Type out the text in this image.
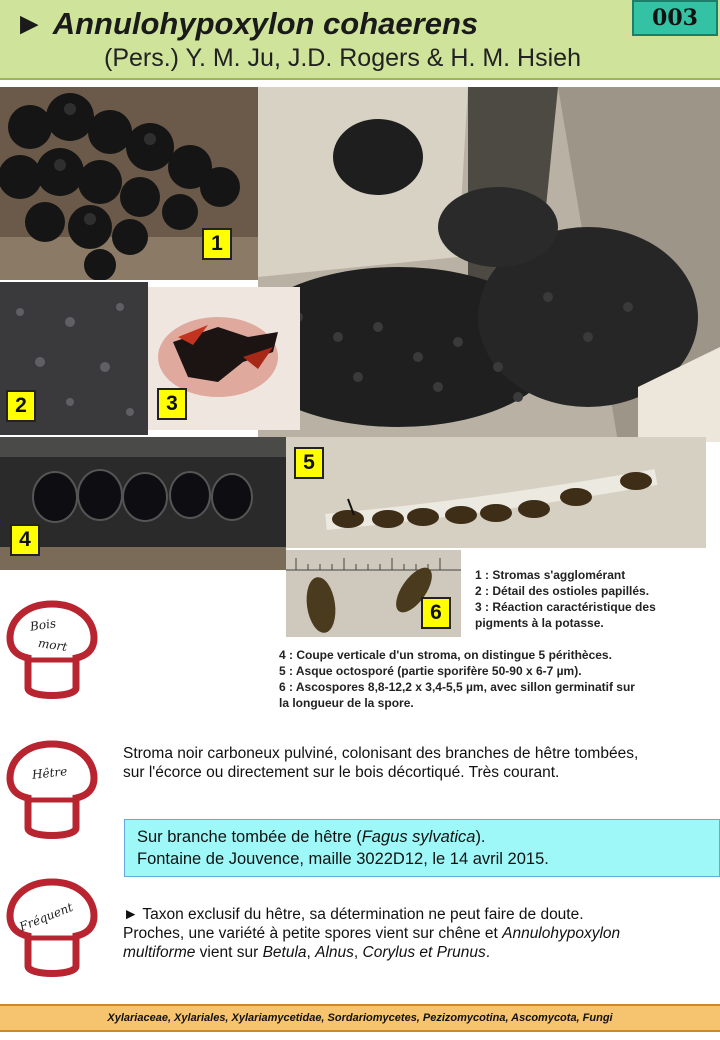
► Annulohypoxylon cohaerens
(Pers.) Y. M. Ju, J.D. Rogers & H. M. Hsieh
003
1
2	3
4
5
6
1 : Stromas s'agglomérant
2 : Détail des ostioles papillés.
3 : Réaction caractéristique des
pigments à la potasse.
4 : Coupe verticale d'un stroma, on distingue 5 périthèces.
5 : Asque octosporé (partie sporifère 50-90 x 6-7 µm).
6 : Ascospores 8,8-12,2 x 3,4-5,5 µm, avec sillon germinatif sur
la longueur de la spore.
Bois
mort
Hêtre
Fréquent
Stroma noir carboneux pulviné, colonisant des branches de hêtre tombées,
sur l'écorce ou directement sur le bois décortiqué. Très courant.
Sur branche tombée de hêtre (Fagus sylvatica).
Fontaine de Jouvence, maille 3022D12, le 14 avril 2015.
► Taxon exclusif du hêtre, sa détermination ne peut faire de doute.
Proches, une variété à petite spores vient sur chêne et Annulohypoxylon
multiforme vient sur Betula, Alnus, Corylus et Prunus.
Xylariaceae, Xylariales, Xylariamycetidae, Sordariomycetes, Pezizomycotina, Ascomycota, Fungi
